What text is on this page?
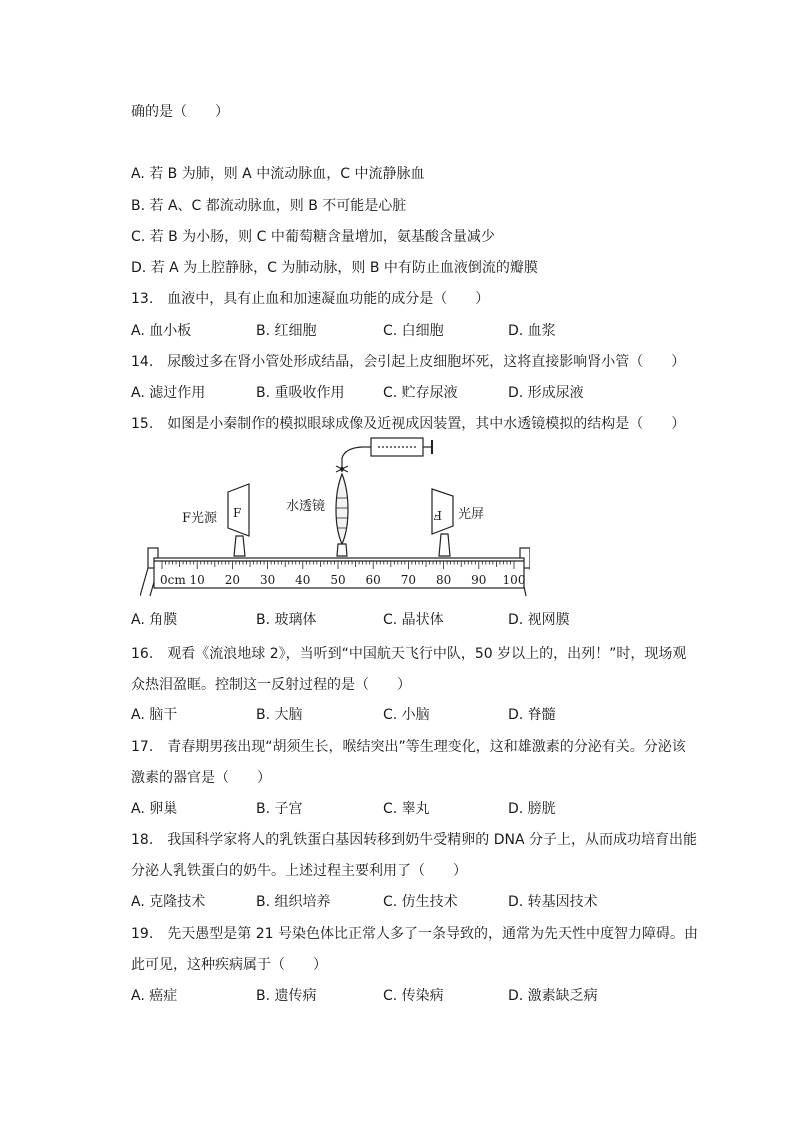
确的是（　　）
A. 若 B 为肺，则 A 中流动脉血，C 中流静脉血
B. 若 A、C 都流动脉血，则 B 不可能是心脏
C. 若 B 为小肠，则 C 中葡萄糖含量增加，氨基酸含量减少
D. 若 A 为上腔静脉，C 为肺动脉，则 B 中有防止血液倒流的瓣膜
13.　血液中，具有止血和加速凝血功能的成分是（　　）
A. 血小板	B. 红细胞	C. 白细胞	D. 血浆
14.　尿酸过多在肾小管处形成结晶，会引起上皮细胞坏死，这将直接影响肾小管（　　）
A. 滤过作用	B. 重吸收作用	C. 贮存尿液	D. 形成尿液
15.　如图是小秦制作的模拟眼球成像及近视成因装置，其中水透镜模拟的结构是（　　）
水透镜
F
F光源	F 光屏
0cm 10 20 30 40 50 60 70 80 90 100
A. 角膜	B. 玻璃体	C. 晶状体	D. 视网膜
16.　观看《流浪地球 2》，当听到“中国航天飞行中队，50 岁以上的，出列！”时，现场观
众热泪盈眶。控制这一反射过程的是（　　）
A. 脑干	B. 大脑	C. 小脑	D. 脊髓
17.　青春期男孩出现“胡须生长，喉结突出”等生理变化，这和雄激素的分泌有关。分泌该
激素的器官是（　　）
A. 卵巢	B. 子宫	C. 睾丸	D. 膀胱
18.　我国科学家将人的乳铁蛋白基因转移到奶牛受精卵的 DNA 分子上，从而成功培育出能
分泌人乳铁蛋白的奶牛。上述过程主要利用了（　　）
A. 克隆技术	B. 组织培养	C. 仿生技术	D. 转基因技术
19.　先天愚型是第 21 号染色体比正常人多了一条导致的，通常为先天性中度智力障碍。由
此可见，这种疾病属于（　　）
A. 癌症	B. 遗传病	C. 传染病	D. 激素缺乏病
